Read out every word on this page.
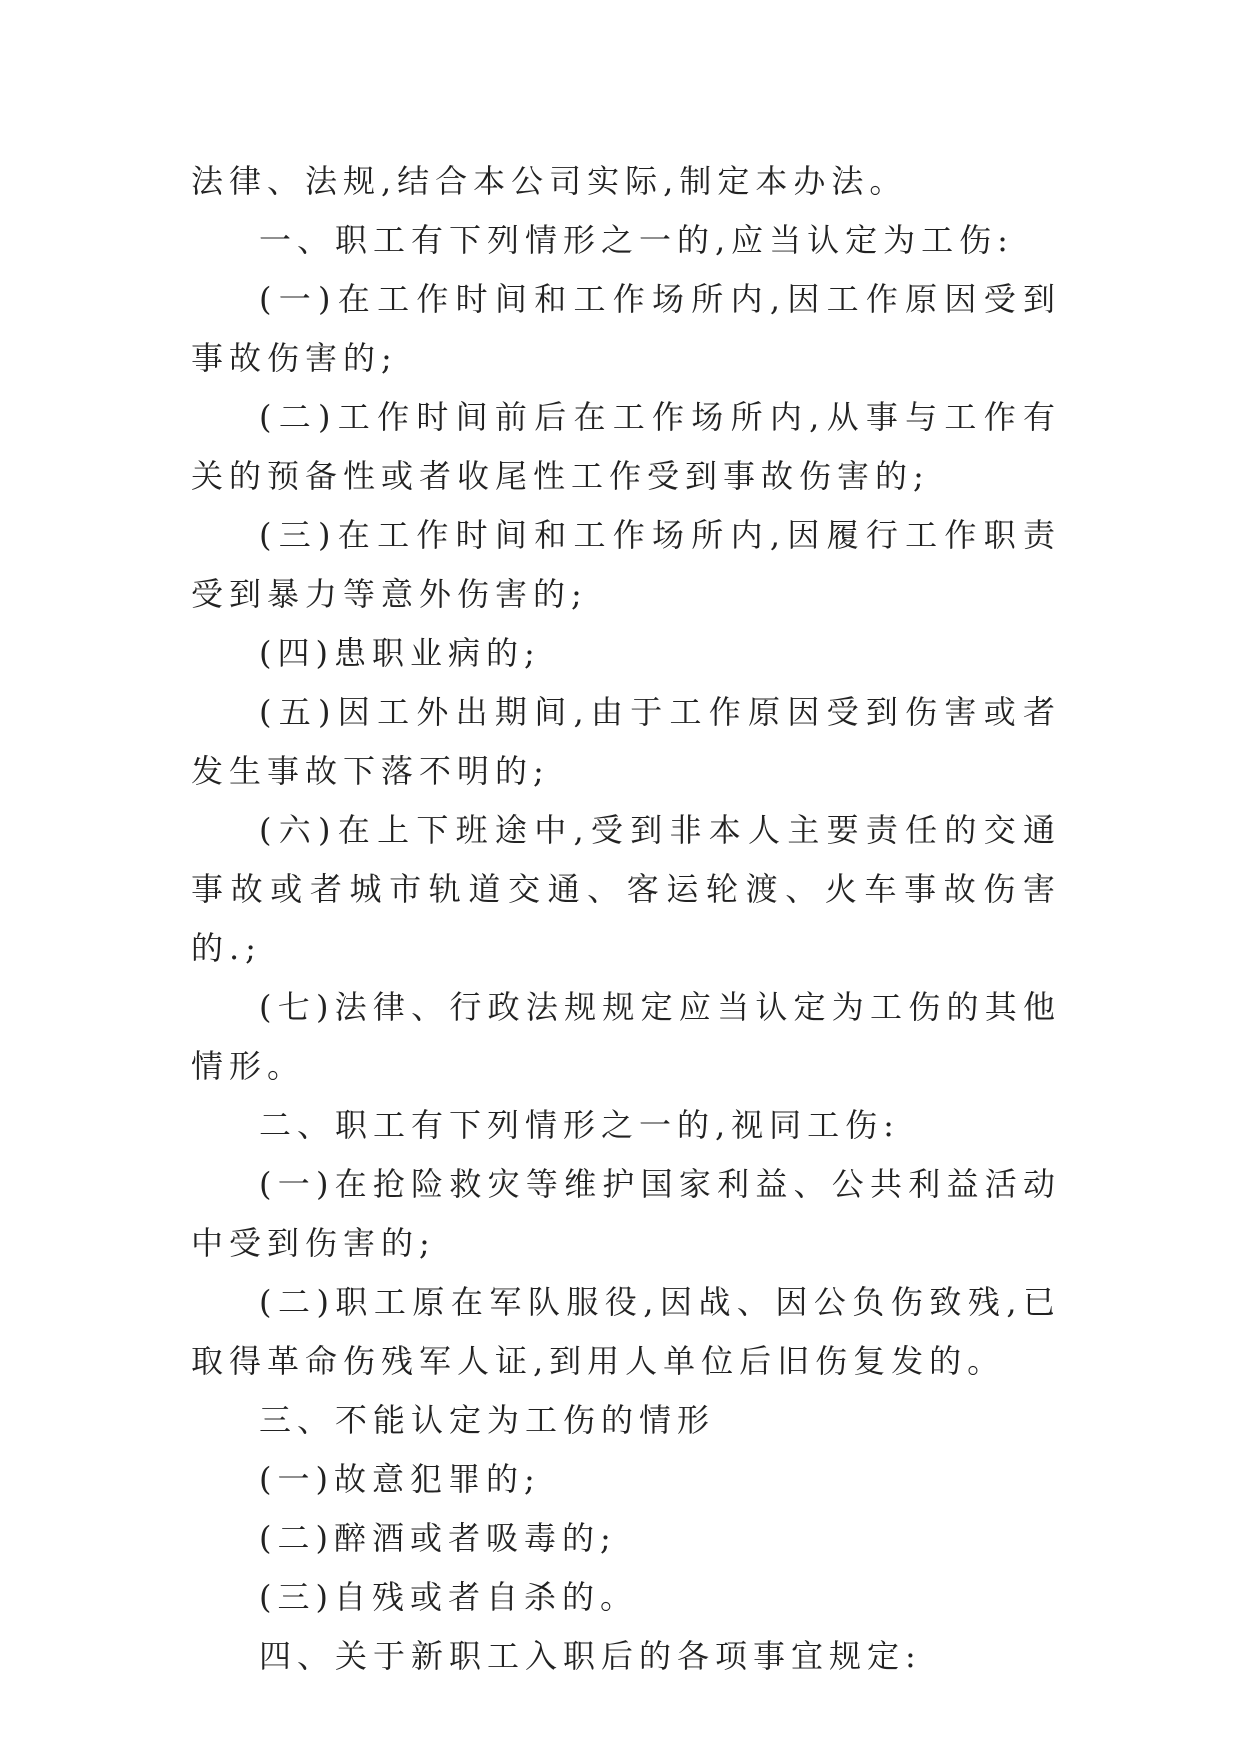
法律、法规,结合本公司实际,制定本办法。

一、职工有下列情形之一的,应当认定为工伤:

(一)在工作时间和工作场所内,因工作原因受到事故伤害的;

(二)工作时间前后在工作场所内,从事与工作有关的预备性或者收尾性工作受到事故伤害的;

(三)在工作时间和工作场所内,因履行工作职责受到暴力等意外伤害的;

(四)患职业病的;

(五)因工外出期间,由于工作原因受到伤害或者发生事故下落不明的;

(六)在上下班途中,受到非本人主要责任的交通事故或者城市轨道交通、客运轮渡、火车事故伤害的.;

(七)法律、行政法规规定应当认定为工伤的其他情形。

二、职工有下列情形之一的,视同工伤:

(一)在抢险救灾等维护国家利益、公共利益活动中受到伤害的;

(二)职工原在军队服役,因战、因公负伤致残,已取得革命伤残军人证,到用人单位后旧伤复发的。

三、不能认定为工伤的情形

(一)故意犯罪的;

(二)醉酒或者吸毒的;

(三)自残或者自杀的。

四、关于新职工入职后的各项事宜规定:
